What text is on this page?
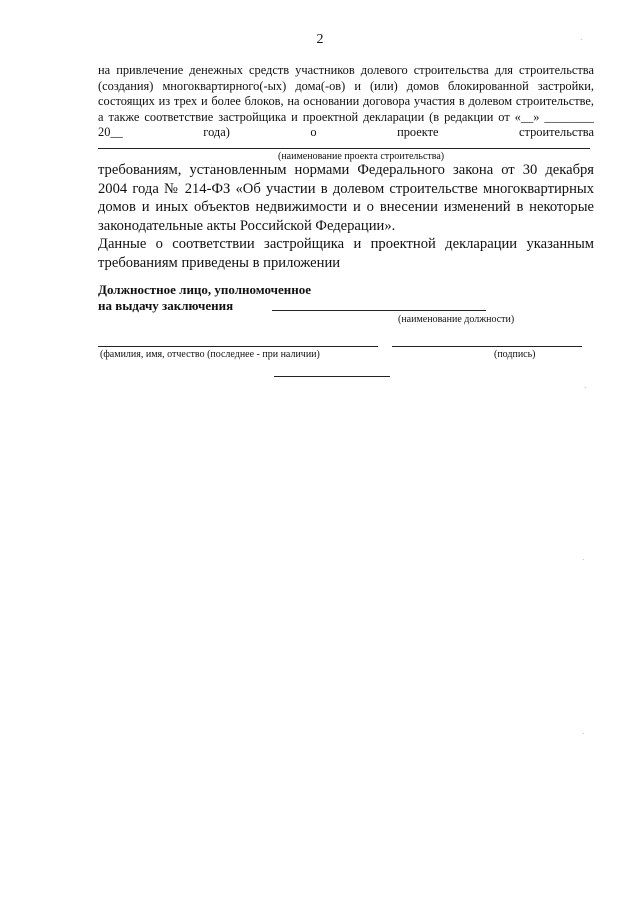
2	·
·
·
·
на привлечение денежных средств участников долевого строительства для строительства
(создания) многоквартирного(-ых) дома(-ов) и (или) домов блокированной застройки,
состоящих из трех и более блоков, на основании договора участия в долевом строительстве,
а также соответствие застройщика и проектной декларации (в редакции от «__» ________
20__	года)	о	проекте	строительства
(наименование проекта строительства)

требованиям, установленным нормами Федерального закона от 30 декабря

2004 года № 214-ФЗ «Об участии в долевом строительстве многоквартирных

домов и иных объектов недвижимости и о внесении изменений в некоторые

законодательные акты Российской Федерации».

Данные о соответствии застройщика и проектной декларации указанным

требованиям приведены в приложении

Должностное лицо, уполномоченное
на выдачу заключения
(наименование должности)
(фамилия, имя, отчество (последнее - при наличии)	(подпись)
